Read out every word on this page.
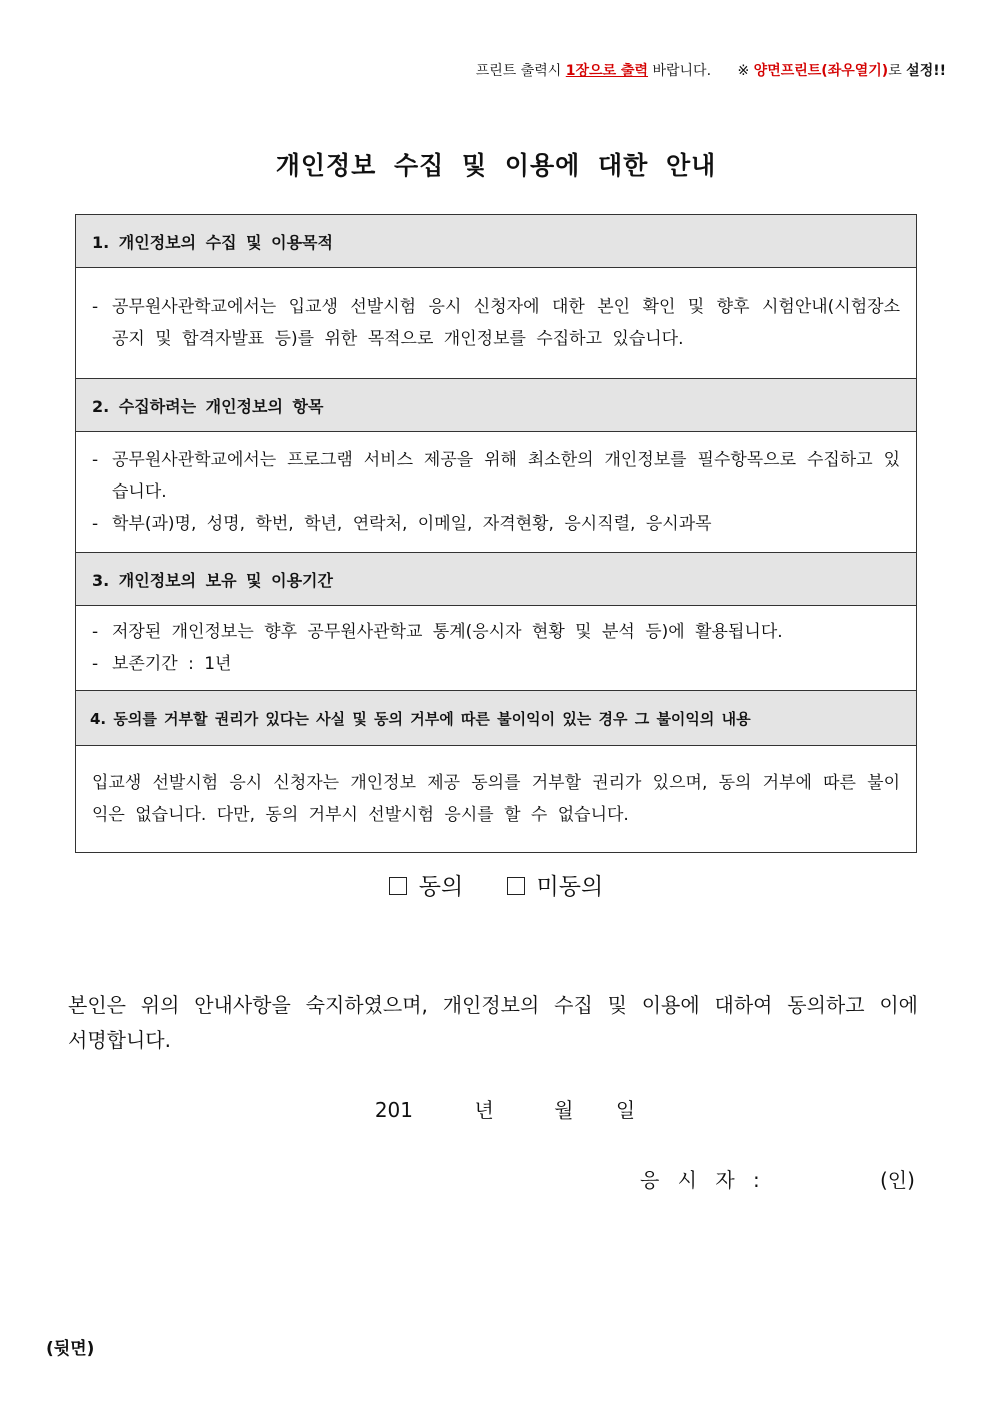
프린트 출력시 1장으로 출력 바랍니다. ※ 양면프린트(좌우열기)로 설정!!
개인정보 수집 및 이용에 대한 안내
1. 개인정보의 수집 및 이용목적

- 공무원사관학교에서는 입교생 선발시험 응시 신청자에 대한 본인 확인 및 향후 시험안내(시험장소 공지 및 합격자발표 등)를 위한 목적으로 개인정보를 수집하고 있습니다.

2. 수집하려는 개인정보의 항목

- 공무원사관학교에서는 프로그램 서비스 제공을 위해 최소한의 개인정보를 필수항목으로 수집하고 있습니다.
- 학부(과)명, 성명, 학번, 학년, 연락처, 이메일, 자격현황, 응시직렬, 응시과목

3. 개인정보의 보유 및 이용기간

- 저장된 개인정보는 향후 공무원사관학교 통계(응시자 현황 및 분석 등)에 활용됩니다.
- 보존기간 : 1년

4. 동의를 거부할 권리가 있다는 사실 및 동의 거부에 따른 불이익이 있는 경우 그 불이익의 내용

입교생 선발시험 응시 신청자는 개인정보 제공 동의를 거부할 권리가 있으며, 동의 거부에 따른 불이익은 없습니다. 다만, 동의 거부시 선발시험 응시를 할 수 없습니다.
동의	미동의
본인은 위의 안내사항을 숙지하였으며, 개인정보의 수집 및 이용에 대하여 동의하고 이에 서명합니다.
201	년	월 일
응 시 자 :	(인)
(뒷면)
